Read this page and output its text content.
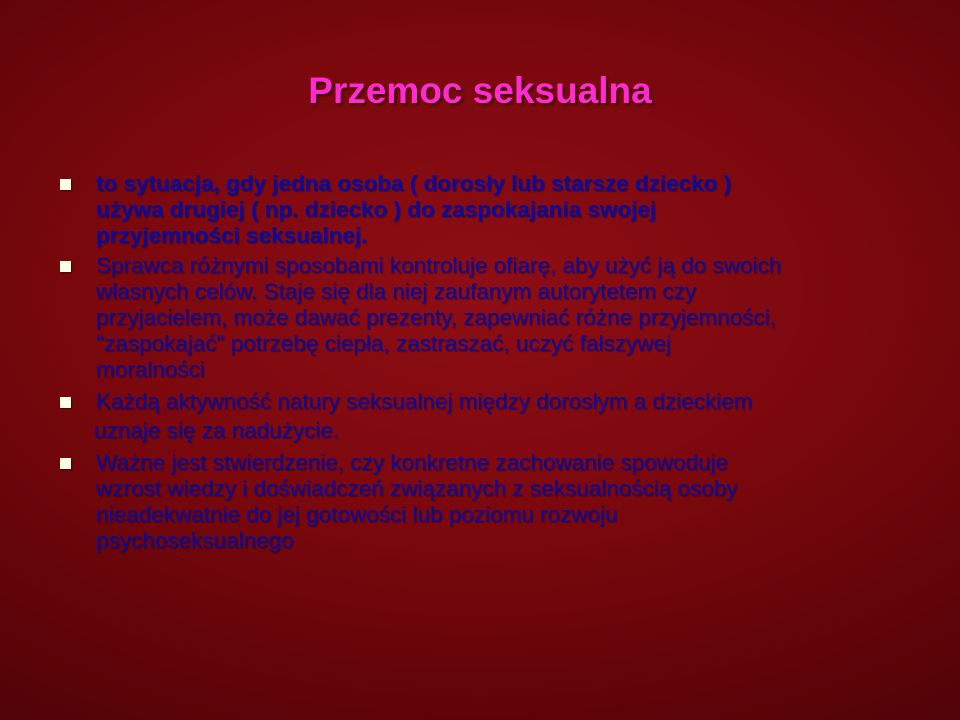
Przemoc seksualna
to sytuacja, gdy jedna osoba ( dorosły lub starsze dziecko )
używa drugiej ( np. dziecko ) do zaspokajania swojej
przyjemności seksualnej.
Sprawca różnymi sposobami kontroluje ofiarę, aby użyć ją do swoich
własnych celów. Staje się dla niej zaufanym autorytetem czy
przyjacielem, może dawać prezenty, zapewniać różne przyjemności,
"zaspokajać" potrzebę ciepła, zastraszać, uczyć fałszywej
moralności
Każdą aktywność natury seksualnej między dorosłym a dzieckiem
uznaje się za nadużycie.
Ważne jest stwierdzenie, czy konkretne zachowanie spowoduje
wzrost wiedzy i doświadczeń związanych z seksualnością osoby
nieadekwatnie do jej gotowości lub poziomu rozwoju
psychoseksualnego
